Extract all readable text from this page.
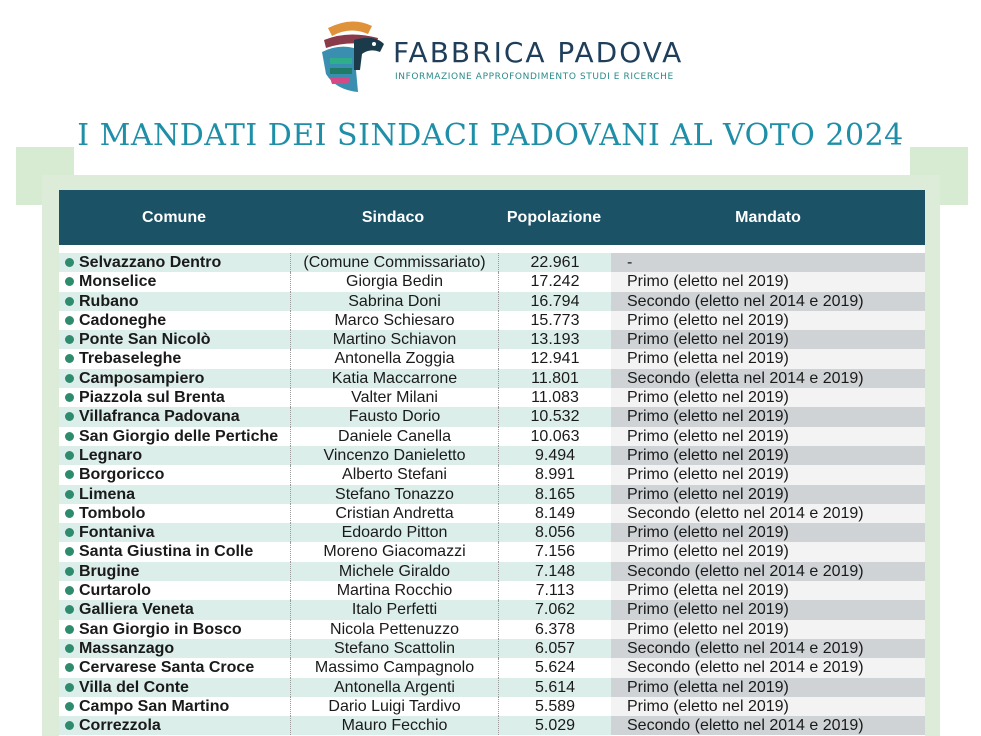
FABBRICA PADOVA
INFORMAZIONE APPROFONDIMENTO STUDI E RICERCHE
I MANDATI DEI SINDACI PADOVANI AL VOTO 2024
Comune	Sindaco	Popolazione	Mandato
Selvazzano Dentro	(Comune Commissariato)	22.961	-
Monselice	Giorgia Bedin	17.242	Primo (eletto nel 2019)
Rubano	Sabrina Doni	16.794	Secondo (eletto nel 2014 e 2019)
Cadoneghe	Marco Schiesaro	15.773	Primo (eletto nel 2019)
Ponte San Nicolò	Martino Schiavon	13.193	Primo (eletto nel 2019)
Trebaseleghe	Antonella Zoggia	12.941	Primo (eletta nel 2019)
Camposampiero	Katia Maccarrone	11.801	Secondo (eletta nel 2014 e 2019)
Piazzola sul Brenta	Valter Milani	11.083	Primo (eletto nel 2019)
Villafranca Padovana	Fausto Dorio	10.532	Primo (eletto nel 2019)
San Giorgio delle Pertiche	Daniele Canella	10.063	Primo (eletto nel 2019)
Legnaro	Vincenzo Danieletto	9.494	Primo (eletto nel 2019)
Borgoricco	Alberto Stefani	8.991	Primo (eletto nel 2019)
Limena	Stefano Tonazzo	8.165	Primo (eletto nel 2019)
Tombolo	Cristian Andretta	8.149	Secondo (eletto nel 2014 e 2019)
Fontaniva	Edoardo Pitton	8.056	Primo (eletto nel 2019)
Santa Giustina in Colle	Moreno Giacomazzi	7.156	Primo (eletto nel 2019)
Brugine	Michele Giraldo	7.148	Secondo (eletto nel 2014 e 2019)
Curtarolo	Martina Rocchio	7.113	Primo (eletta nel 2019)
Galliera Veneta	Italo Perfetti	7.062	Primo (eletto nel 2019)
San Giorgio in Bosco	Nicola Pettenuzzo	6.378	Primo (eletto nel 2019)
Massanzago	Stefano Scattolin	6.057	Secondo (eletto nel 2014 e 2019)
Cervarese Santa Croce	Massimo Campagnolo	5.624	Secondo (eletto nel 2014 e 2019)
Villa del Conte	Antonella Argenti	5.614	Primo (eletta nel 2019)
Campo San Martino	Dario Luigi Tardivo	5.589	Primo (eletto nel 2019)
Correzzola	Mauro Fecchio	5.029	Secondo (eletto nel 2014 e 2019)
